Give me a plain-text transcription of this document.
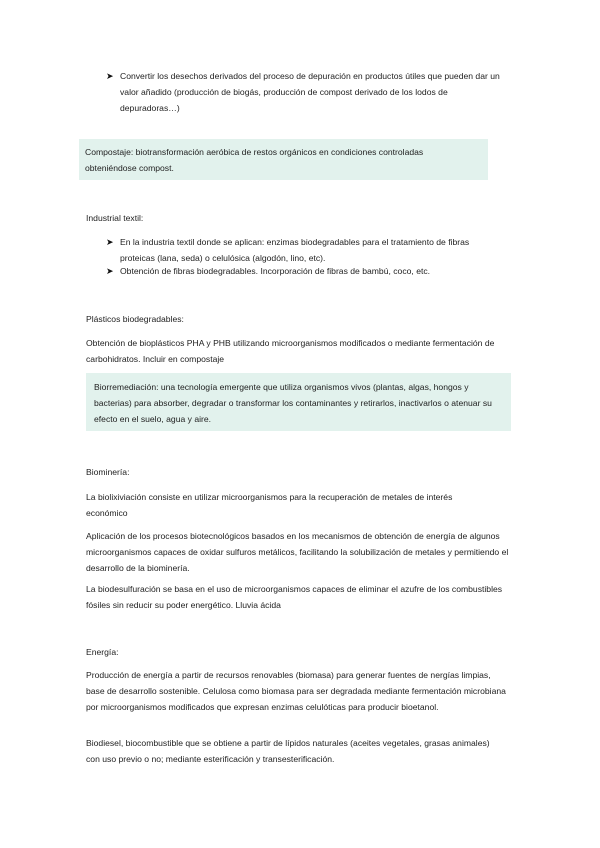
➤ Convertir los desechos derivados del proceso de depuración en productos útiles que pueden dar un valor añadido (producción de biogás, producción de compost derivado de los lodos de depuradoras…)

Compostaje: biotransformación aeróbica de restos orgánicos en condiciones controladas obteniéndose compost.

Industrial textil:

➤ En la industria textil donde se aplican: enzimas biodegradables para el tratamiento de fibras proteicas (lana, seda) o celulósica (algodón, lino, etc).
➤ Obtención de fibras biodegradables. Incorporación de fibras de bambú, coco, etc.

Plásticos biodegradables:

Obtención de bioplásticos PHA y PHB utilizando microorganismos modificados o mediante fermentación de carbohidratos. Incluir en compostaje

Biorremediación: una tecnología emergente que utiliza organismos vivos (plantas, algas, hongos y bacterias) para absorber, degradar o transformar los contaminantes y retirarlos, inactivarlos o atenuar su efecto en el suelo, agua y aire.

Biominería:

La biolixiviación consiste en utilizar microorganismos para la recuperación de metales de interés económico

Aplicación de los procesos biotecnológicos basados en los mecanismos de obtención de energía de algunos microorganismos capaces de oxidar sulfuros metálicos, facilitando la solubilización de metales y permitiendo el desarrollo de la biominería.

La biodesulfuración se basa en el uso de microorganismos capaces de eliminar el azufre de los combustibles fósiles sin reducir su poder energético. Lluvia ácida

Energía:

Producción de energía a partir de recursos renovables (biomasa) para generar fuentes de nergías limpias, base de desarrollo sostenible. Celulosa como biomasa para ser degradada mediante fermentación microbiana por microorganismos modificados que expresan enzimas celulóticas para producir bioetanol.

Biodiesel, biocombustible que se obtiene a partir de lípidos naturales (aceites vegetales, grasas animales) con uso previo o no; mediante esterificación y transesterificación.
